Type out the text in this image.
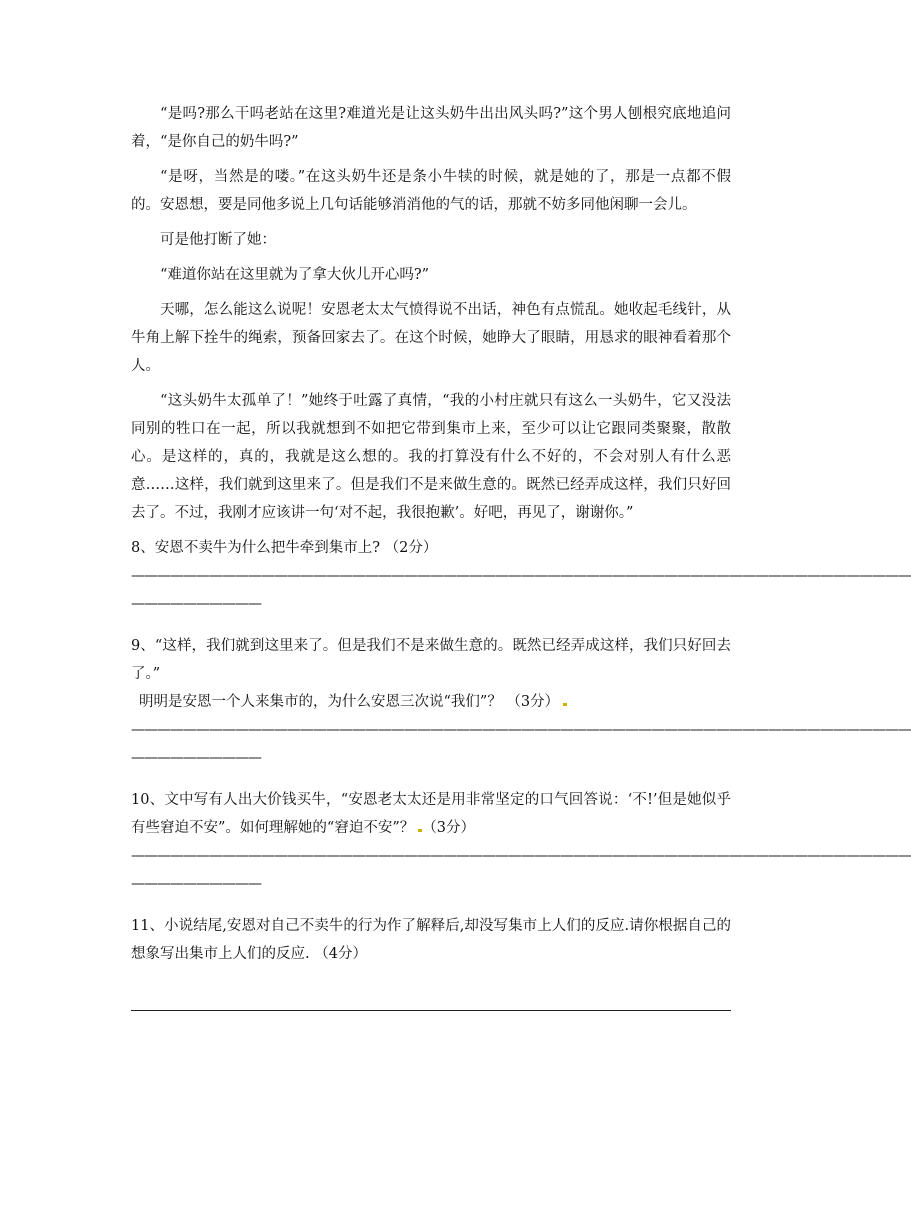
“是吗?那么干吗老站在这里?难道光是让这头奶牛出出风头吗?”这个男人刨根究底地追问着，“是你自己的奶牛吗?”

“是呀，当然是的喽。”在这头奶牛还是条小牛犊的时候，就是她的了，那是一点都不假的。安恩想，要是同他多说上几句话能够消消他的气的话，那就不妨多同他闲聊一会儿。

可是他打断了她：

“难道你站在这里就为了拿大伙儿开心吗?”

天哪，怎么能这么说呢！安恩老太太气愤得说不出话，神色有点慌乱。她收起毛线针，从牛角上解下拴牛的绳索，预备回家去了。在这个时候，她睁大了眼睛，用恳求的眼神看着那个人。

“这头奶牛太孤单了！”她终于吐露了真情，“我的小村庄就只有这么一头奶牛，它又没法同别的牲口在一起，所以我就想到不如把它带到集市上来，至少可以让它跟同类聚聚，散散心。是这样的，真的，我就是这么想的。我的打算没有什么不好的，不会对别人有什么恶意……这样，我们就到这里来了。但是我们不是来做生意的。既然已经弄成这样，我们只好回去了。不过，我刚才应该讲一句‘对不起，我很抱歉’。好吧，再见了，谢谢你。”

8、安恩不卖牛为什么把牛牵到集市上? （2分）

————————————————————————————————————————————————————————————
——————————

9、“这样，我们就到这里来了。但是我们不是来做生意的。既然已经弄成这样，我们只好回去了。”

明明是安恩一个人来集市的，为什么安恩三次说“我们”？ （3分）

————————————————————————————————————————————————————————————
——————————

10、文中写有人出大价钱买牛，“安恩老太太还是用非常坚定的口气回答说：‘不!’但是她似乎有些窘迫不安”。如何理解她的“窘迫不安”？ （3分）

————————————————————————————————————————————————————————————
——————————

11、小说结尾,安恩对自己不卖牛的行为作了解释后,却没写集市上人们的反应.请你根据自己的想象写出集市上人们的反应. （4分）
